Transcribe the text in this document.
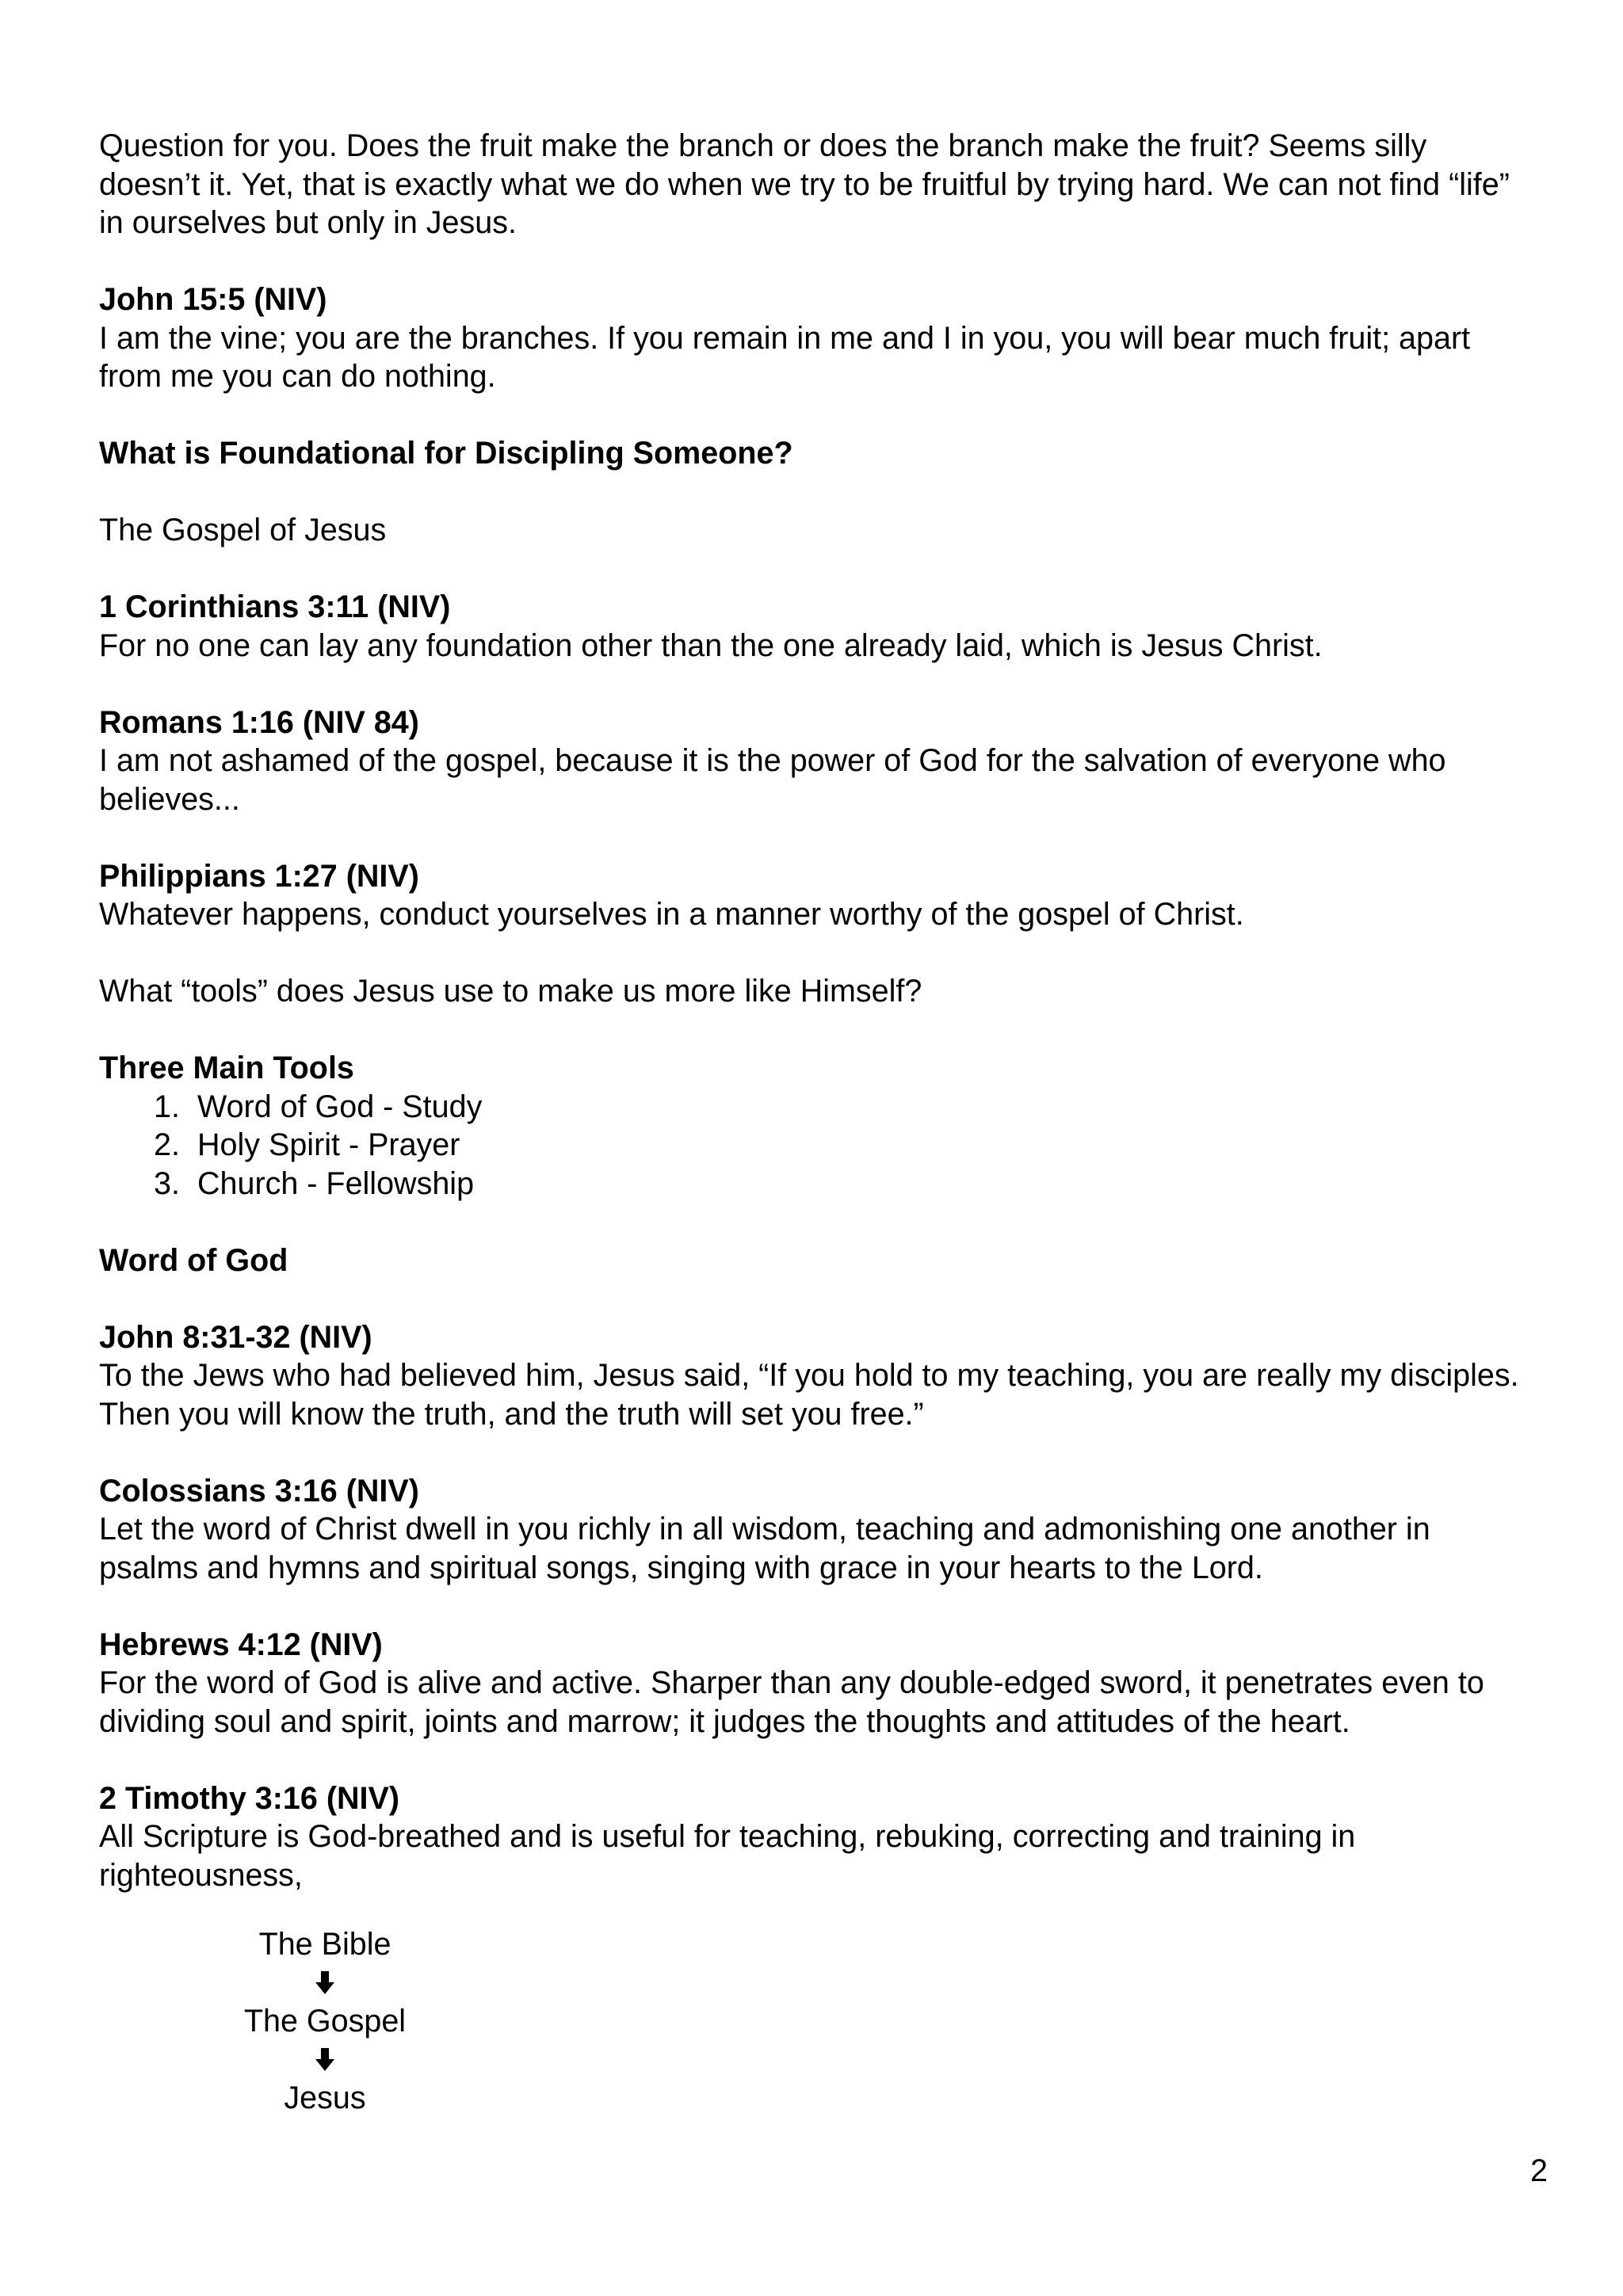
Question for you. Does the fruit make the branch or does the branch make the fruit? Seems silly doesn’t it. Yet, that is exactly what we do when we try to be fruitful by trying hard. We can not find “life” in ourselves but only in Jesus.

John 15:5 (NIV)

I am the vine; you are the branches. If you remain in me and I in you, you will bear much fruit; apart from me you can do nothing.

What is Foundational for Discipling Someone?

The Gospel of Jesus

1 Corinthians 3:11 (NIV)

For no one can lay any foundation other than the one already laid, which is Jesus Christ.

Romans 1:16 (NIV 84)

I am not ashamed of the gospel, because it is the power of God for the salvation of everyone who believes...

Philippians 1:27 (NIV)

Whatever happens, conduct yourselves in a manner worthy of the gospel of Christ.

What “tools” does Jesus use to make us more like Himself?

Three Main Tools

1. Word of God - Study
2. Holy Spirit - Prayer
3. Church - Fellowship

Word of God

John 8:31-32 (NIV)

To the Jews who had believed him, Jesus said, “If you hold to my teaching, you are really my disciples. Then you will know the truth, and the truth will set you free.”

Colossians 3:16 (NIV)

Let the word of Christ dwell in you richly in all wisdom, teaching and admonishing one another in psalms and hymns and spiritual songs, singing with grace in your hearts to the Lord.

Hebrews 4:12 (NIV)

For the word of God is alive and active. Sharper than any double-edged sword, it penetrates even to dividing soul and spirit, joints and marrow; it judges the thoughts and attitudes of the heart.

2 Timothy 3:16 (NIV)

All Scripture is God-breathed and is useful for teaching, rebuking, correcting and training in righteousness,

The Bible
The Gospel
Jesus
2
